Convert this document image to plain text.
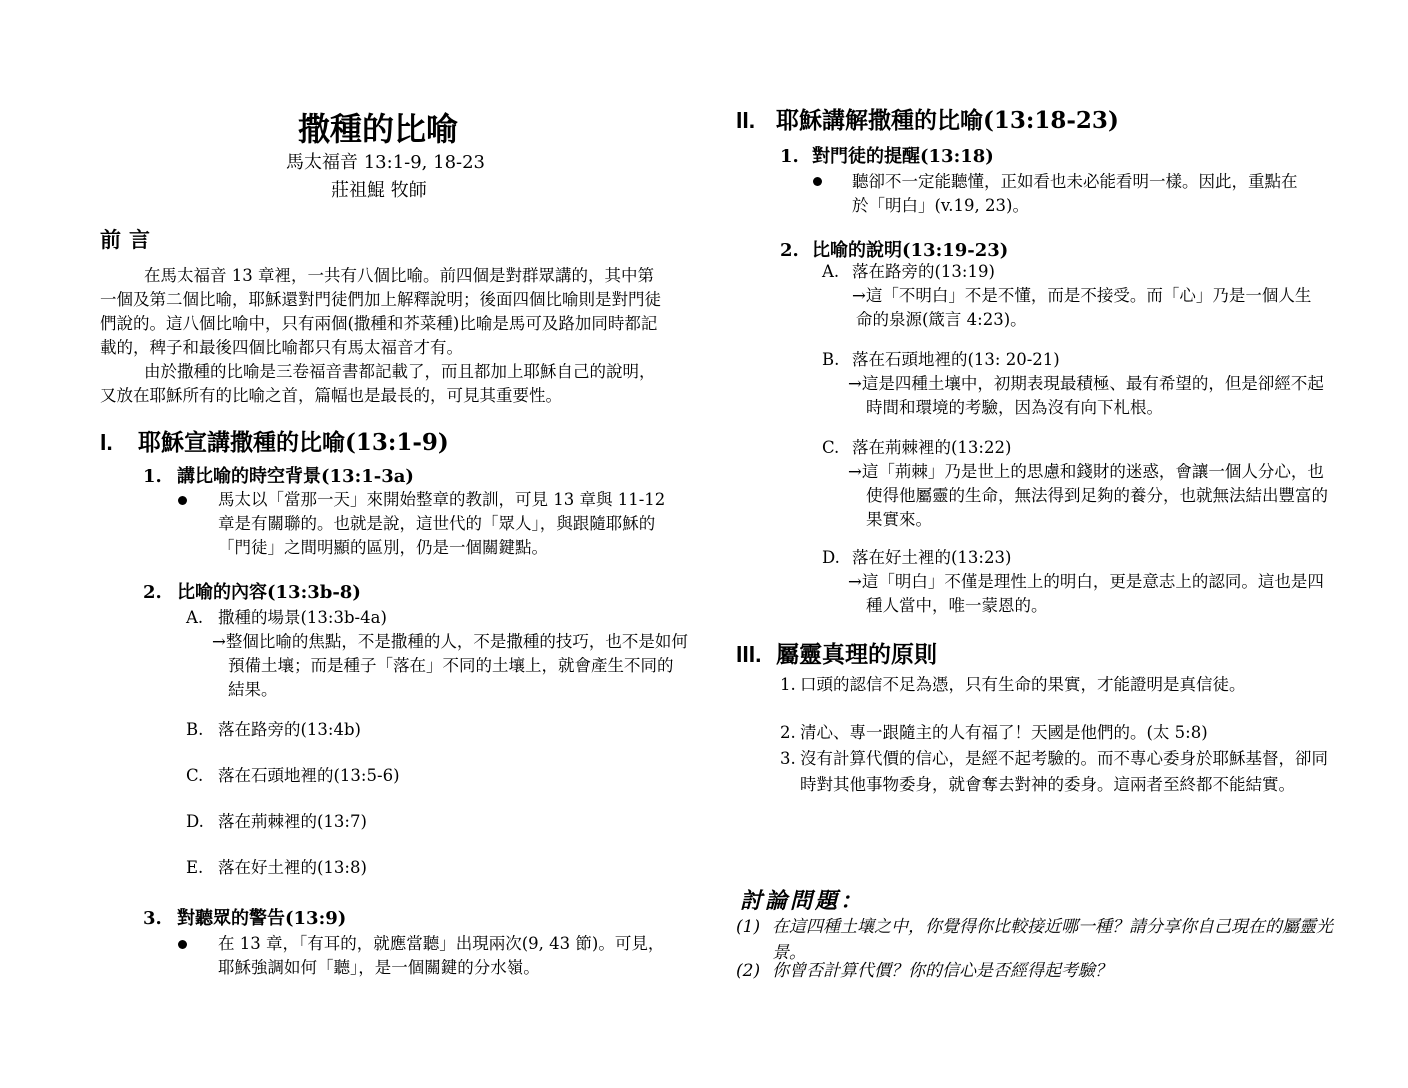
撒種的比喻
馬太福音 13:1-9, 18-23
莊祖鯤 牧師
前言
在馬太福音 13 章裡，一共有八個比喻。前四個是對群眾講的，其中第一個及第二個比喻，耶穌還對門徒們加上解釋說明；後面四個比喻則是對門徒們說的。這八個比喻中，只有兩個(撒種和芥菜種)比喻是馬可及路加同時都記載的，稗子和最後四個比喻都只有馬太福音才有。
由於撒種的比喻是三卷福音書都記載了，而且都加上耶穌自己的說明，又放在耶穌所有的比喻之首，篇幅也是最長的，可見其重要性。
I. 耶穌宣講撒種的比喻(13:1-9)
1. 講比喻的時空背景(13:1-3a)
馬太以「當那一天」來開始整章的教訓，可見 13 章與 11-12 章是有關聯的。也就是說，這世代的「眾人」，與跟隨耶穌的「門徒」之間明顯的區別，仍是一個關鍵點。
2. 比喻的內容(13:3b-8)
A. 撒種的場景(13:3b-4a)
→整個比喻的焦點，不是撒種的人，不是撒種的技巧，也不是如何預備土壤；而是種子「落在」不同的土壤上，就會產生不同的結果。
B. 落在路旁的(13:4b)
C. 落在石頭地裡的(13:5-6)
D. 落在荊棘裡的(13:7)
E. 落在好土裡的(13:8)
3. 對聽眾的警告(13:9)
在 13 章，「有耳的，就應當聽」出現兩次(9, 43 節)。可見，耶穌強調如何「聽」，是一個關鍵的分水嶺。
II. 耶穌講解撒種的比喻(13:18-23)
1. 對門徒的提醒(13:18)
聽卻不一定能聽懂，正如看也未必能看明一樣。因此，重點在於「明白」(v.19, 23)。
2. 比喻的說明(13:19-23)
A. 落在路旁的(13:19)
→這「不明白」不是不懂，而是不接受。而「心」乃是一個人生命的泉源(箴言 4:23)。
B. 落在石頭地裡的(13: 20-21)
→這是四種土壤中，初期表現最積極、最有希望的，但是卻經不起時間和環境的考驗，因為沒有向下札根。
C. 落在荊棘裡的(13:22)
→這「荊棘」乃是世上的思慮和錢財的迷惑，會讓一個人分心，也使得他屬靈的生命，無法得到足夠的養分，也就無法結出豐富的果實來。
D. 落在好土裡的(13:23)
→這「明白」不僅是理性上的明白，更是意志上的認同。這也是四種人當中，唯一蒙恩的。
III. 屬靈真理的原則
1. 口頭的認信不足為憑，只有生命的果實，才能證明是真信徒。
2. 清心、專一跟隨主的人有福了！天國是他們的。(太 5:8)
3. 沒有計算代價的信心，是經不起考驗的。而不專心委身於耶穌基督，卻同時對其他事物委身，就會奪去對神的委身。這兩者至終都不能結實。
討論問題：
(1) 在這四種土壤之中，你覺得你比較接近哪一種？請分享你自己現在的屬靈光景。
(2) 你曾否計算代價？你的信心是否經得起考驗？
